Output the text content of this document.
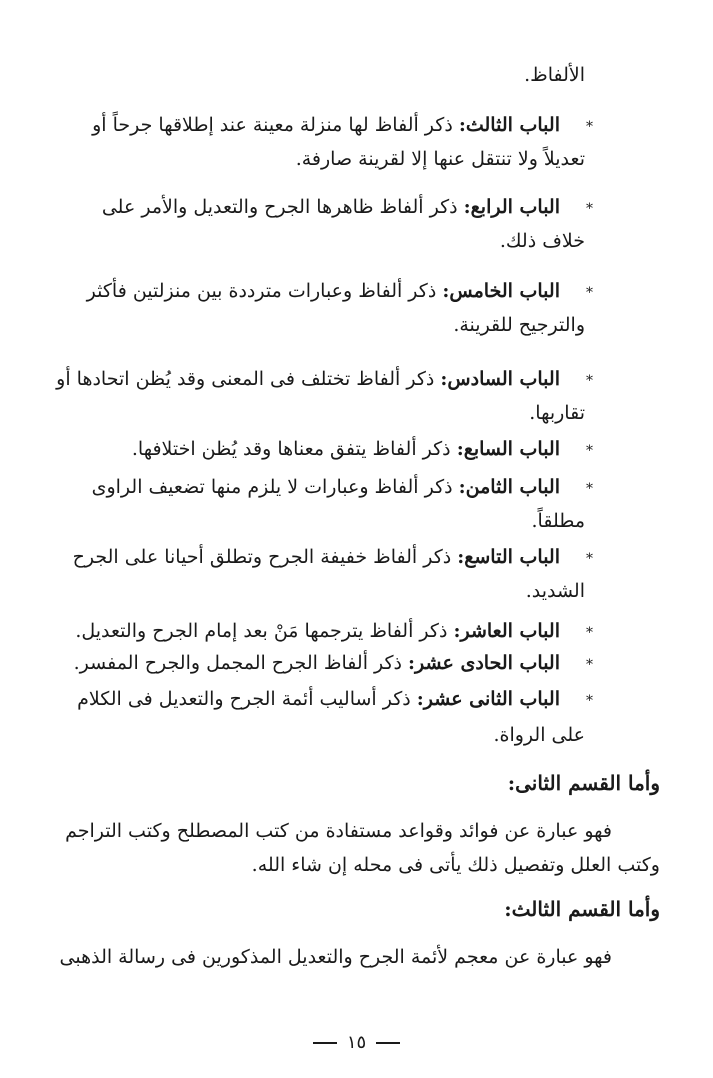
الألفاظ.
*
الباب الثالث: ذكر ألفاظ لها منزلة معينة عند إطلاقها جرحاً أو
تعديلاً ولا تنتقل عنها إلا لقرينة صارفة.
*
الباب الرابع: ذكر ألفاظ ظاهرها الجرح والتعديل والأمر على
خلاف ذلك.
*
الباب الخامس: ذكر ألفاظ وعبارات مترددة بين منزلتين فأكثر
والترجيح للقرينة.
*
الباب السادس: ذكر ألفاظ تختلف فى المعنى وقد يُظن اتحادها أو
تقاربها.
*
الباب السابع: ذكر ألفاظ يتفق معناها وقد يُظن اختلافها.
*
الباب الثامن: ذكر ألفاظ وعبارات لا يلزم منها تضعيف الراوى
مطلقاً.
*
الباب التاسع: ذكر ألفاظ خفيفة الجرح وتطلق أحيانا على الجرح
الشديد.
*
الباب العاشر: ذكر ألفاظ يترجمها مَنْ بعد إمام الجرح والتعديل.
*
الباب الحادى عشر: ذكر ألفاظ الجرح المجمل والجرح المفسر.
*
الباب الثانى عشر: ذكر أساليب أئمة الجرح والتعديل فى الكلام
على الرواة.
وأما القسم الثانى:
فهو عبارة عن فوائد وقواعد مستفادة من كتب المصطلح وكتب التراجم
وكتب العلل وتفصيل ذلك يأتى فى محله إن شاء الله.
وأما القسم الثالث:
فهو عبارة عن معجم لأئمة الجرح والتعديل المذكورين فى رسالة الذهبى
١٥
